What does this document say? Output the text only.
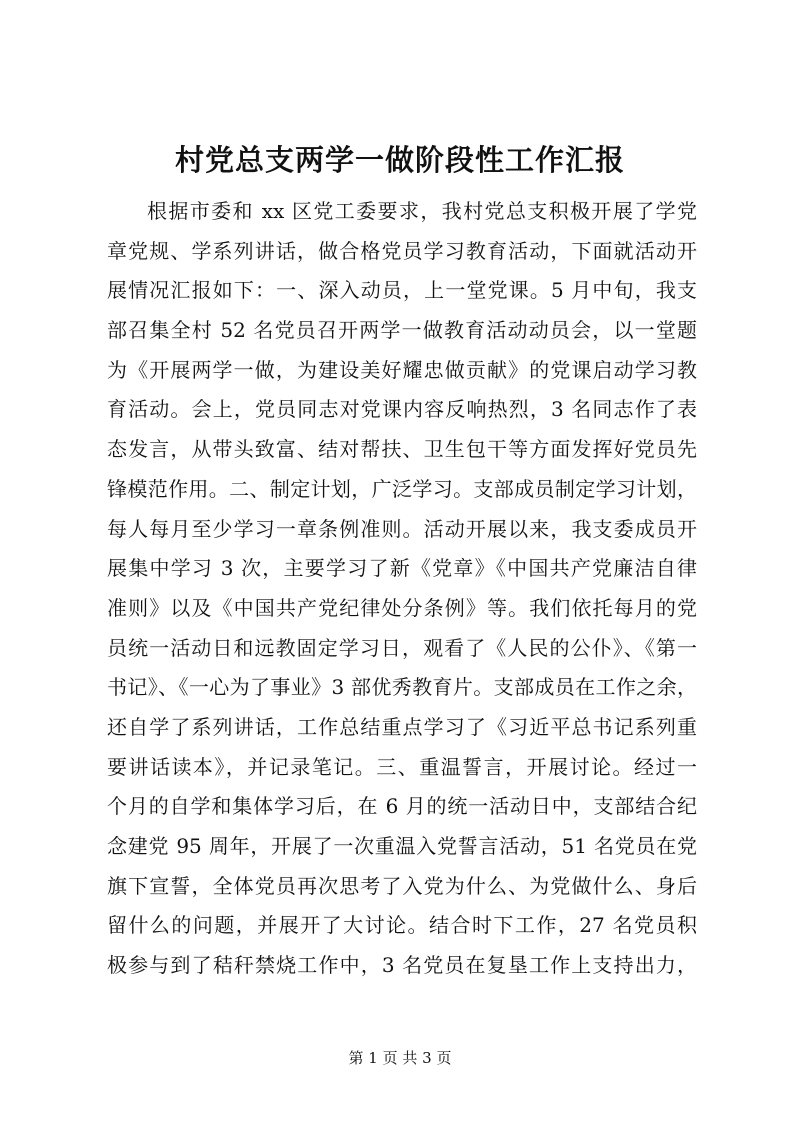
村党总支两学一做阶段性工作汇报
根据市委和 xx 区党工委要求，我村党总支积极开展了学党
章党规、学系列讲话，做合格党员学习教育活动，下面就活动开
展情况汇报如下：一、深入动员，上一堂党课。5 月中旬，我支
部召集全村 52 名党员召开两学一做教育活动动员会，以一堂题
为《开展两学一做，为建设美好耀忠做贡献》的党课启动学习教
育活动。会上，党员同志对党课内容反响热烈，3 名同志作了表
态发言，从带头致富、结对帮扶、卫生包干等方面发挥好党员先
锋模范作用。二、制定计划，广泛学习。支部成员制定学习计划，
每人每月至少学习一章条例准则。活动开展以来，我支委成员开
展集中学习 3 次，主要学习了新《党章》《中国共产党廉洁自律
准则》以及《中国共产党纪律处分条例》等。我们依托每月的党
员统一活动日和远教固定学习日，观看了《人民的公仆》、《第一
书记》、《一心为了事业》3 部优秀教育片。支部成员在工作之余，
还自学了系列讲话，工作总结重点学习了《习近平总书记系列重
要讲话读本》，并记录笔记。三、重温誓言，开展讨论。经过一
个月的自学和集体学习后，在 6 月的统一活动日中，支部结合纪
念建党 95 周年，开展了一次重温入党誓言活动，51 名党员在党
旗下宣誓，全体党员再次思考了入党为什么、为党做什么、身后
留什么的问题，并展开了大讨论。结合时下工作，27 名党员积
极参与到了秸秆禁烧工作中，3 名党员在复垦工作上支持出力，
第 1 页 共 3 页
